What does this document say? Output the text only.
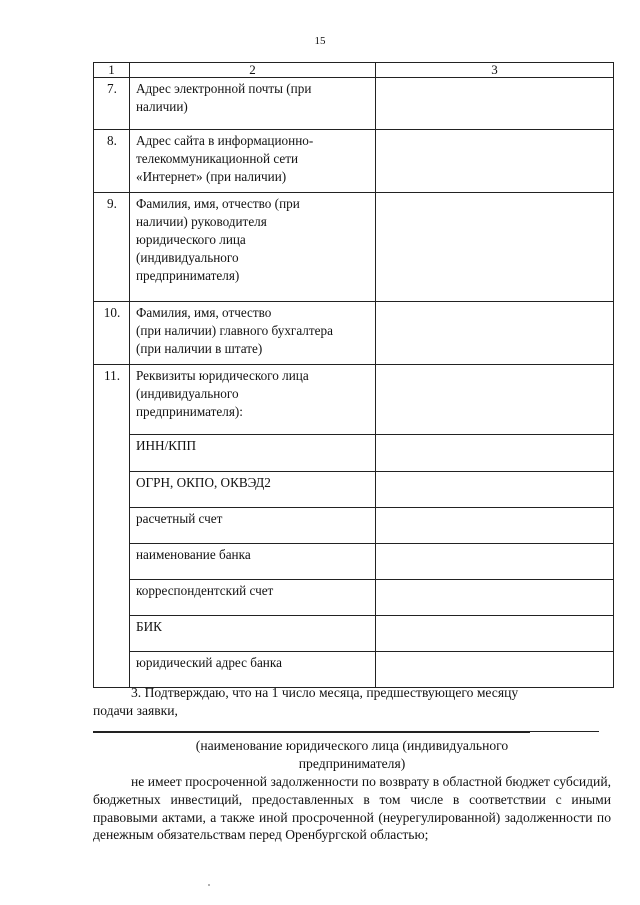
15
1	2	3
7.	Адрес электронной почты (при
наличии)	
8.	Адрес сайта в информационно-
телекоммуникационной сети
«Интернет» (при наличии)	
9.	Фамилия, имя, отчество (при
наличии) руководителя
юридического лица
(индивидуального
предпринимателя)	
10.	Фамилия, имя, отчество
(при наличии) главного бухгалтера
(при наличии в штате)	
11.	Реквизиты юридического лица
(индивидуального
предпринимателя):	
	ИНН/КПП	
	ОГРН, ОКПО, ОКВЭД2	
	расчетный счет	
	наименование банка	
	корреспондентский счет	
	БИК	
	юридический адрес банка	
3. Подтверждаю, что на 1 число месяца, предшествующего месяцу
подачи заявки,
(наименование юридического лица (индивидуального
предпринимателя)
не имеет просроченной задолженности по возврату в областной бюджет субсидий, бюджетных инвестиций, предоставленных в том числе в соответствии с иными правовыми актами, а также иной просроченной (неурегулированной) задолженности по денежным обязательствам перед Оренбургской областью;
